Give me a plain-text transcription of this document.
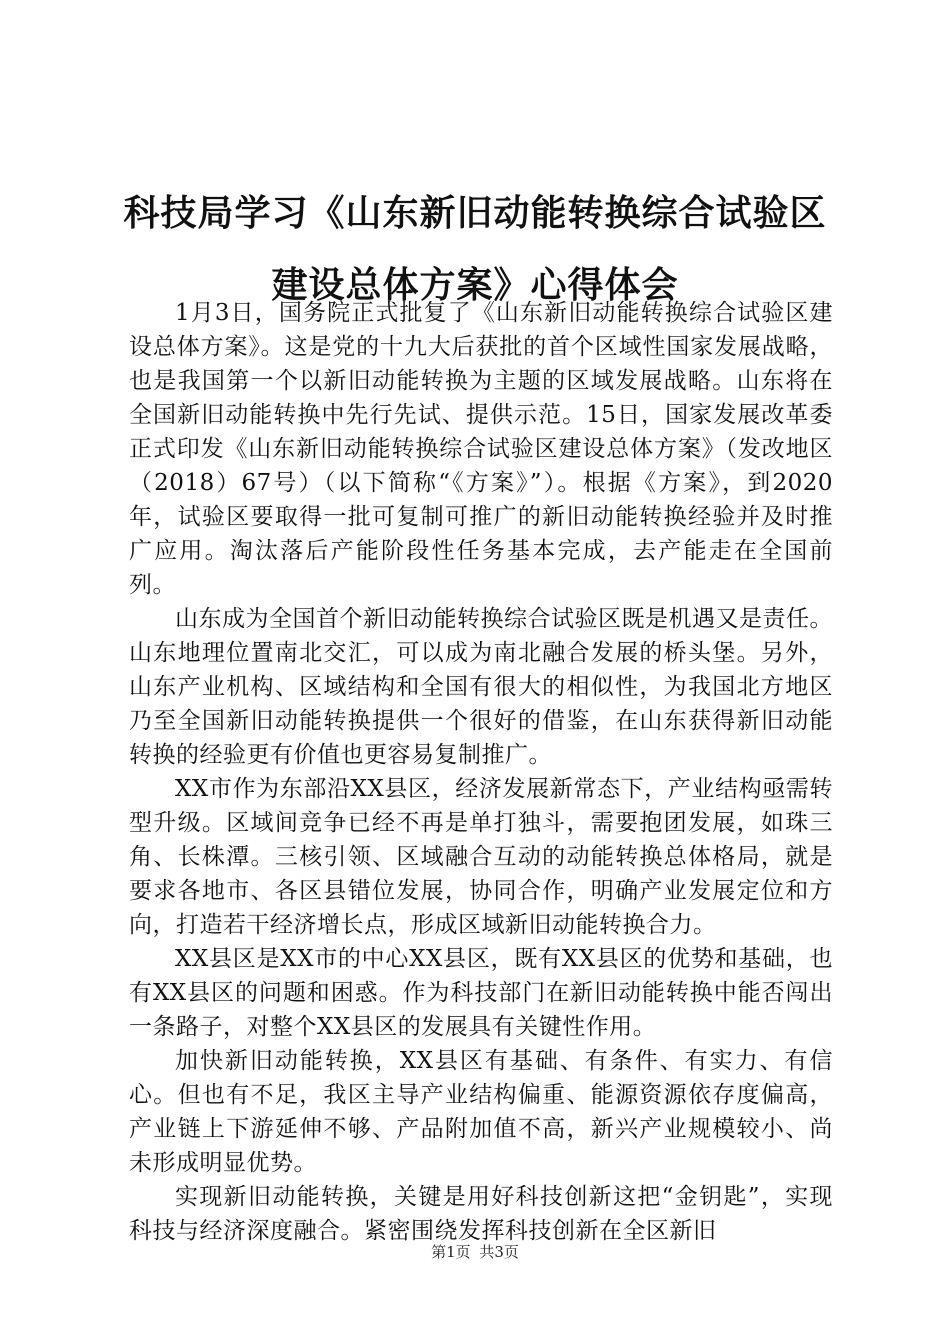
科技局学习《山东新旧动能转换综合试验区建设总体方案》心得体会

1月3日，国务院正式批复了《山东新旧动能转换综合试验区建设总体方案》。这是党的十九大后获批的首个区域性国家发展战略，也是我国第一个以新旧动能转换为主题的区域发展战略。山东将在全国新旧动能转换中先行先试、提供示范。15日，国家发展改革委正式印发《山东新旧动能转换综合试验区建设总体方案》（发改地区（2018）67号）（以下简称“《方案》”）。根据《方案》，到2020年，试验区要取得一批可复制可推广的新旧动能转换经验并及时推广应用。淘汰落后产能阶段性任务基本完成，去产能走在全国前列。

山东成为全国首个新旧动能转换综合试验区既是机遇又是责任。山东地理位置南北交汇，可以成为南北融合发展的桥头堡。另外，山东产业机构、区域结构和全国有很大的相似性，为我国北方地区乃至全国新旧动能转换提供一个很好的借鉴，在山东获得新旧动能转换的经验更有价值也更容易复制推广。

XX市作为东部沿XX县区，经济发展新常态下，产业结构亟需转型升级。区域间竞争已经不再是单打独斗，需要抱团发展，如珠三角、长株潭。三核引领、区域融合互动的动能转换总体格局，就是要求各地市、各区县错位发展，协同合作，明确产业发展定位和方向，打造若干经济增长点，形成区域新旧动能转换合力。

XX县区是XX市的中心XX县区，既有XX县区的优势和基础，也有XX县区的问题和困惑。作为科技部门在新旧动能转换中能否闯出一条路子，对整个XX县区的发展具有关键性作用。

加快新旧动能转换，XX县区有基础、有条件、有实力、有信心。但也有不足，我区主导产业结构偏重、能源资源依存度偏高，产业链上下游延伸不够、产品附加值不高，新兴产业规模较小、尚未形成明显优势。

实现新旧动能转换，关键是用好科技创新这把“金钥匙”，实现科技与经济深度融合。紧密围绕发挥科技创新在全区新旧

第1页 共3页
